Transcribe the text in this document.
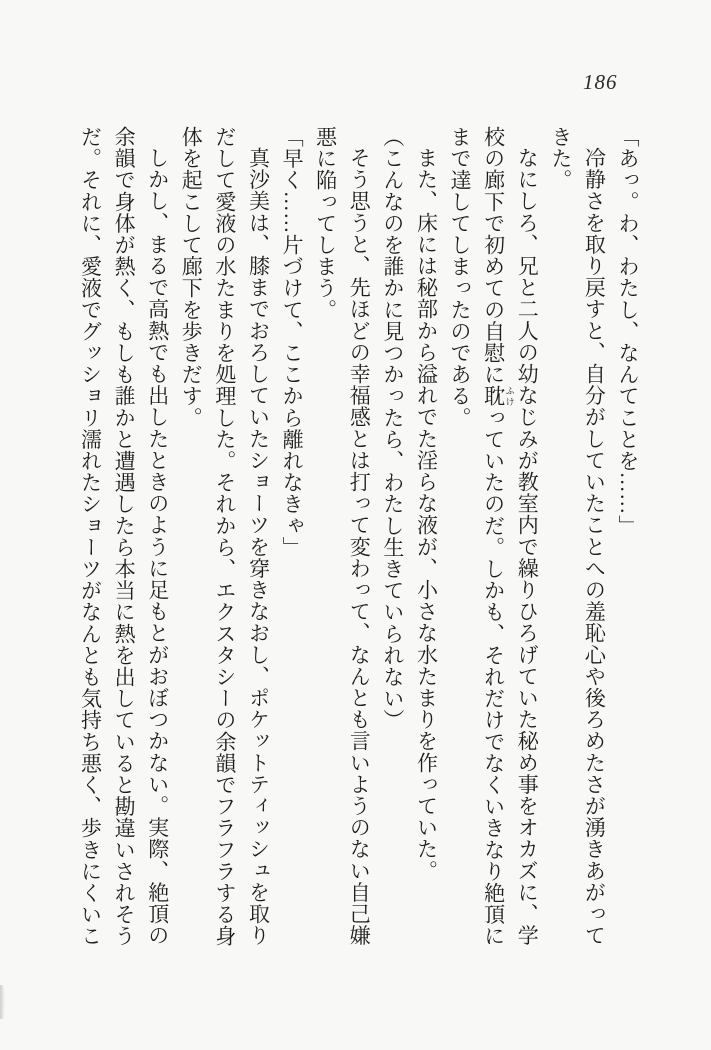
186

「あっ。わ、わたし、なんてことを……」

冷静さを取り戻すと、自分がしていたことへの羞恥心や後ろめたさが湧きあがってきた。

なにしろ、兄と二人の幼なじみが教室内で繰りひろげていた秘め事をオカズに、学校の廊下で初めての自慰に耽 ふけっていたのだ。しかも、それだけでなくいきなり絶頂にまで達してしまったのである。

また、床には秘部から溢れでた淫らな液が、小さな水たまりを作っていた。

（こんなのを誰かに見つかったら、わたし生きていられない）

そう思うと、先ほどの幸福感とは打って変わって、なんとも言いようのない自己嫌悪に陥ってしまう。

「早く……片づけて、ここから離れなきゃ」

真沙美は、膝までおろしていたショーツを穿きなおし、ポケットティッシュを取りだして愛液の水たまりを処理した。それから、エクスタシーの余韻でフラフラする身体を起こして廊下を歩きだす。

しかし、まるで高熱でも出したときのように足もとがおぼつかない。実際、絶頂の余韻で身体が熱く、もしも誰かと遭遇したら本当に熱を出していると勘違いされそうだ。それに、愛液でグッショリ濡れたショーツがなんとも気持ち悪く、歩きにくいこ
